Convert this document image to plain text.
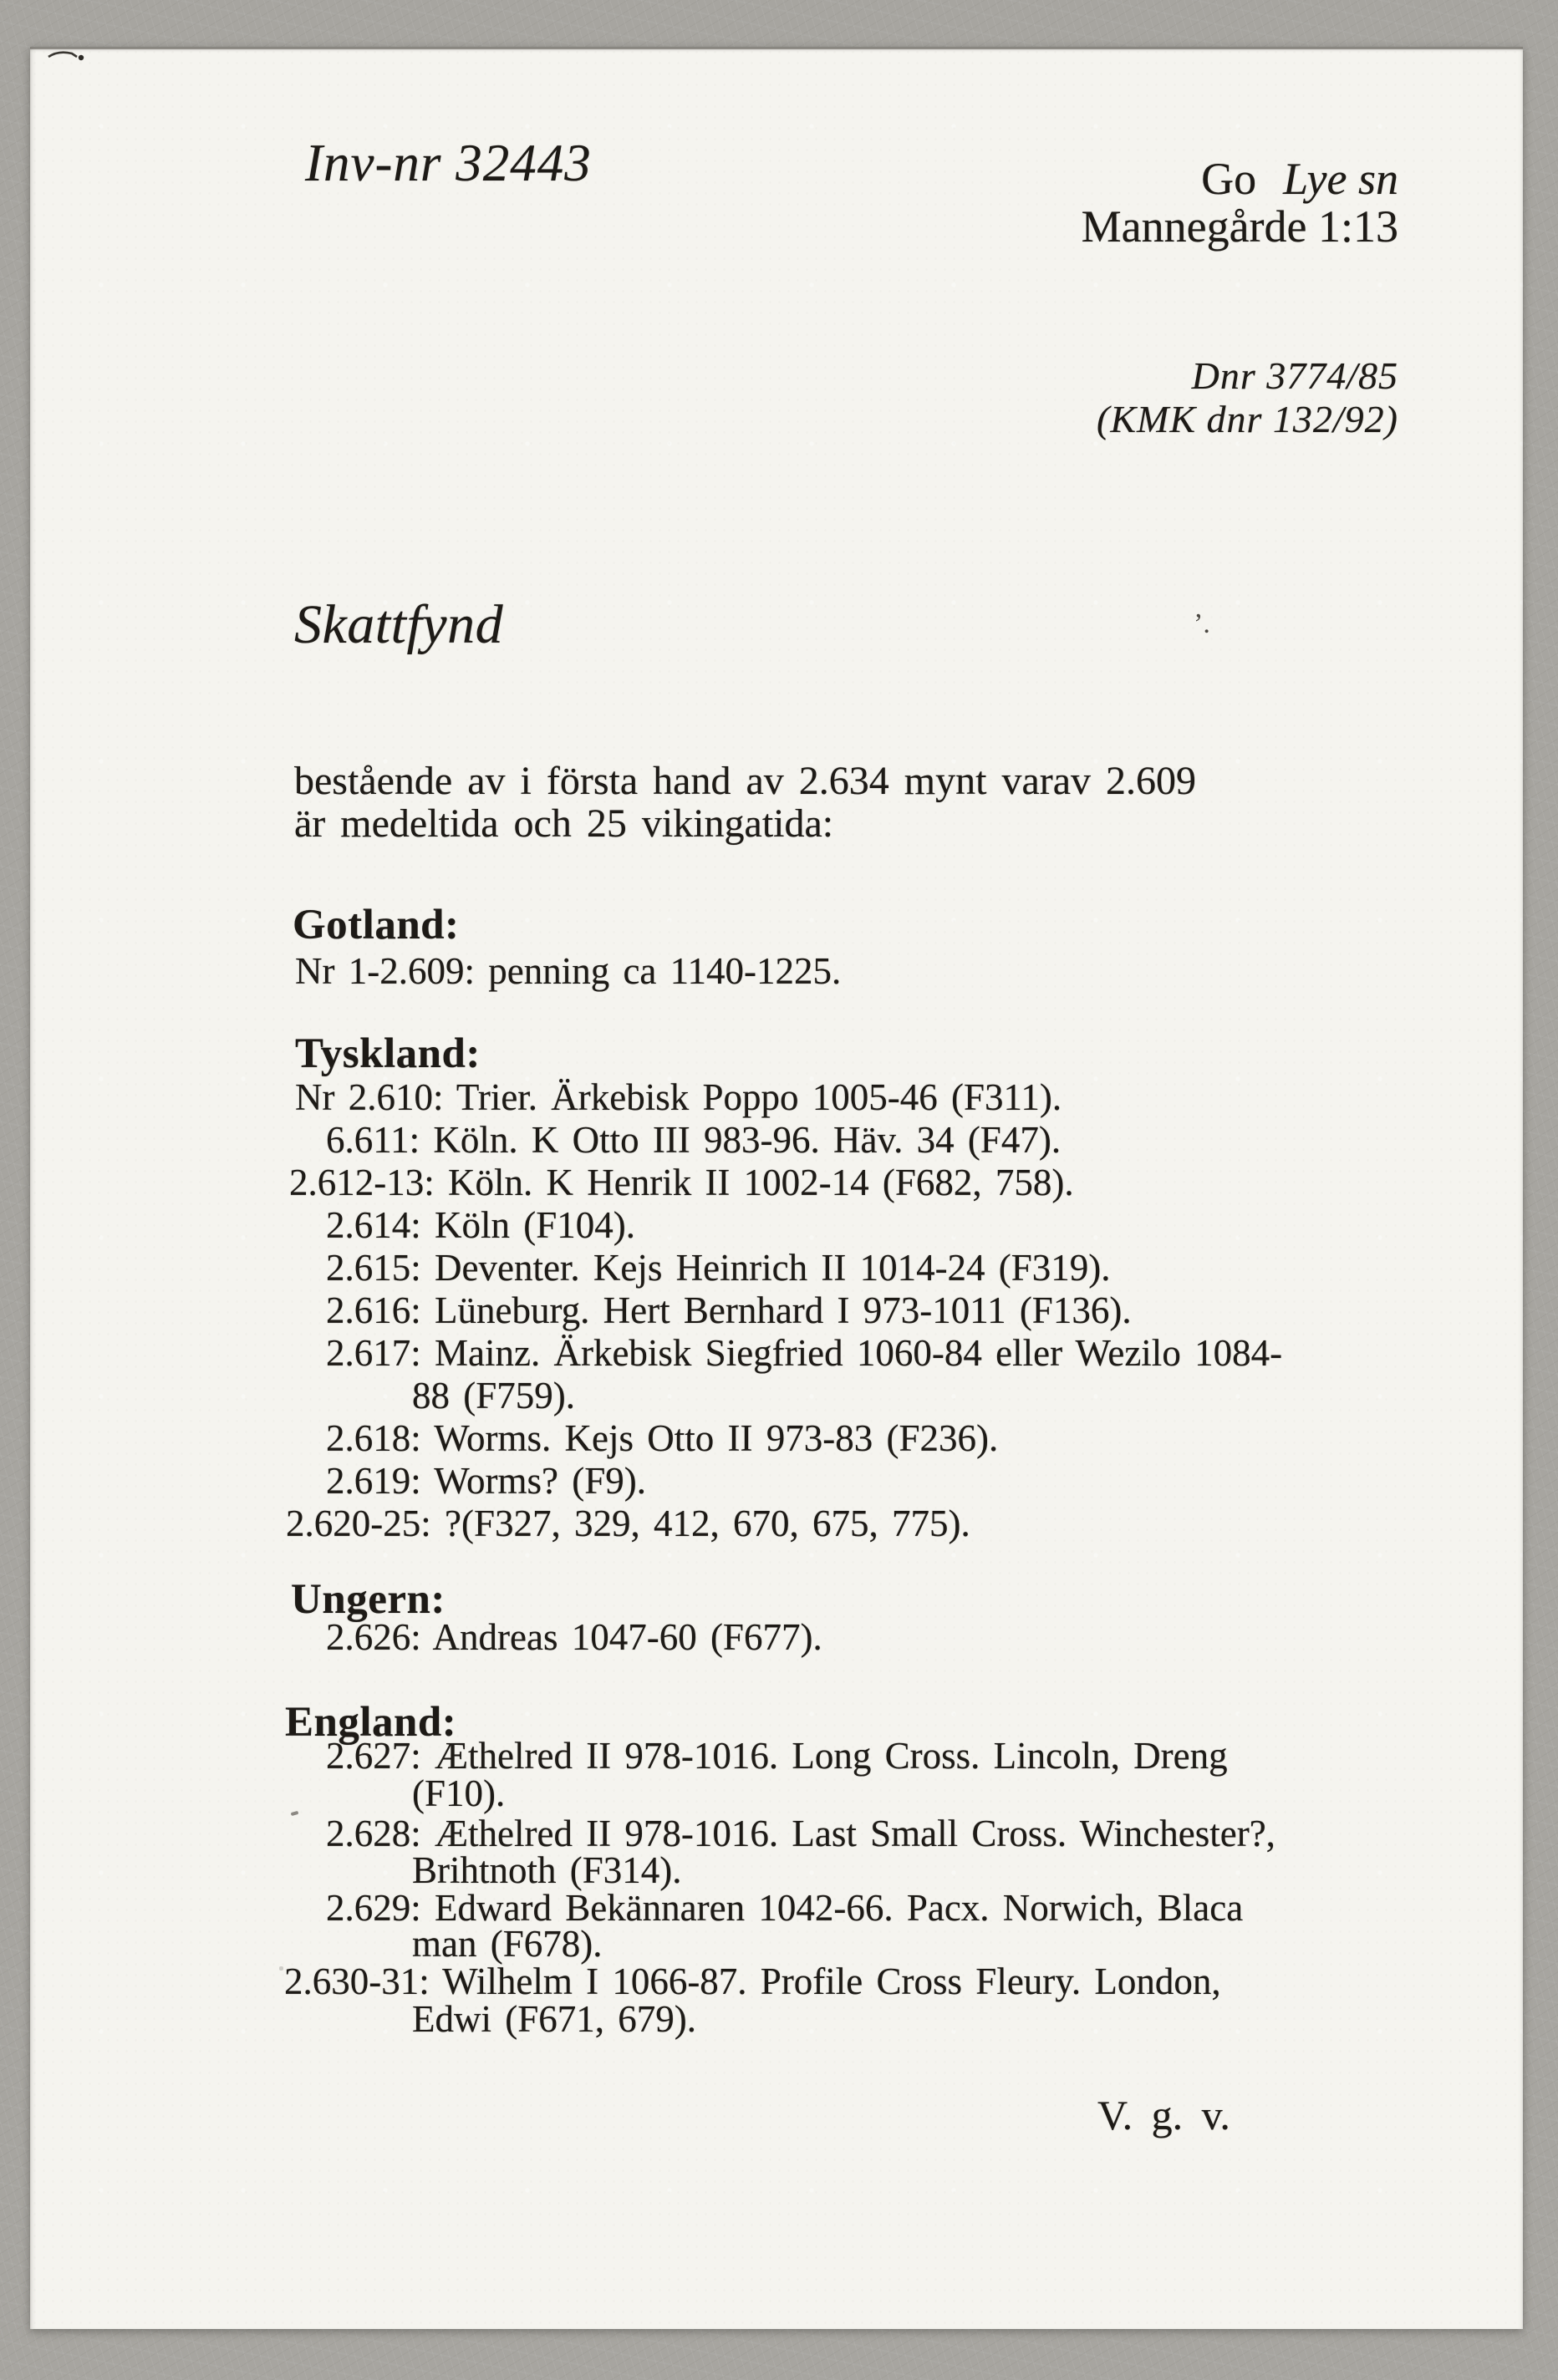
Inv-nr 32443	Go Lye sn
Mannegårde 1:13
Dnr 3774/85
(KMK dnr 132/92)
Skattfynd	’.
bestående av i första hand av 2.634 mynt varav 2.609
är medeltida och 25 vikingatida:
Gotland:
Nr 1-2.609: penning ca 1140-1225.
Tyskland:
Nr 2.610: Trier. Ärkebisk Poppo 1005-46 (F311).
6.611: Köln. K Otto III 983-96. Häv. 34 (F47).
2.612-13: Köln. K Henrik II 1002-14 (F682, 758).
2.614: Köln (F104).
2.615: Deventer. Kejs Heinrich II 1014-24 (F319).
2.616: Lüneburg. Hert Bernhard I 973-1011 (F136).
2.617: Mainz. Ärkebisk Siegfried 1060-84 eller Wezilo 1084-
88 (F759).
2.618: Worms. Kejs Otto II 973-83 (F236).
2.619: Worms? (F9).
2.620-25: ?(F327, 329, 412, 670, 675, 775).
Ungern:
2.626: Andreas 1047-60 (F677).
England:
2.627: Æthelred II 978-1016. Long Cross. Lincoln, Dreng
(F10).
2.628: Æthelred II 978-1016. Last Small Cross. Winchester?,
Brihtnoth (F314).
2.629: Edward Bekännaren 1042-66. Pacx. Norwich, Blaca
man (F678).
2.630-31: Wilhelm I 1066-87. Profile Cross Fleury. London,
Edwi (F671, 679).
V. g. v.
